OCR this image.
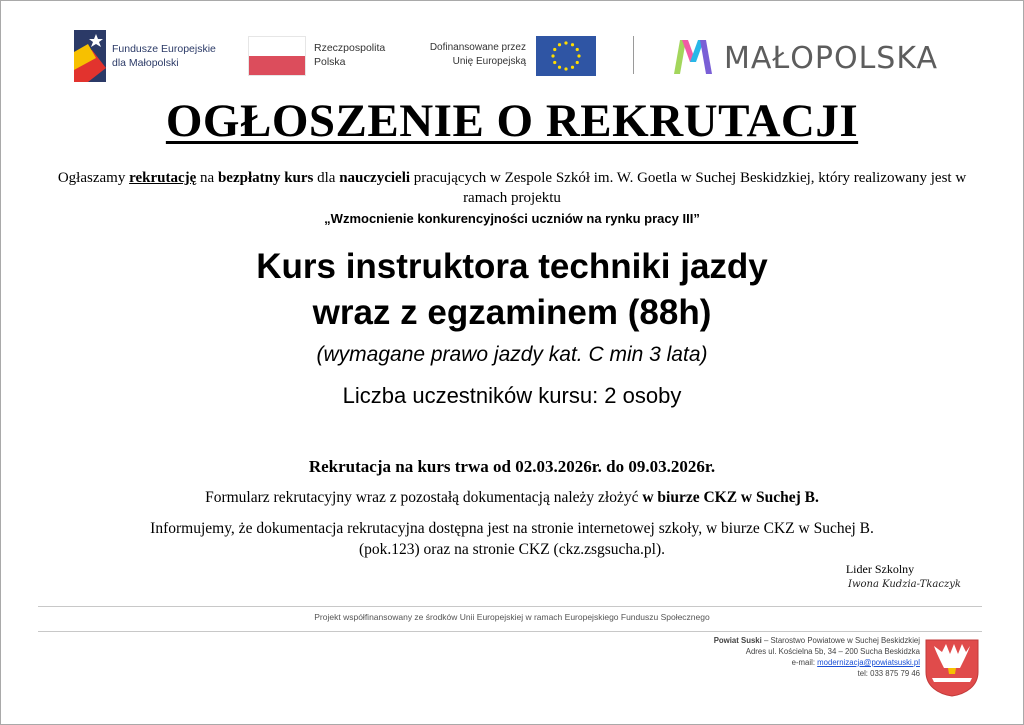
Fundusze Europejskie
dla Małopolski
Rzeczpospolita
Polska
Dofinansowane przez
Unię Europejską	MAŁOPOLSKA
OGŁOSZENIE O REKRUTACJI
Ogłaszamy rekrutację na bezpłatny kurs dla nauczycieli pracujących w Zespole Szkół im. W. Goetla w Suchej Beskidzkiej, który realizowany jest w ramach projektu
„Wzmocnienie konkurencyjności uczniów na rynku pracy III”
Kurs instruktora techniki jazdy
wraz z egzaminem (88h)
(wymagane prawo jazdy kat. C min 3 lata)
Liczba uczestników kursu: 2 osoby
Rekrutacja na kurs trwa od 02.03.2026r. do 09.03.2026r.
Formularz rekrutacyjny wraz z pozostałą dokumentacją należy złożyć w biurze CKZ w Suchej B.
Informujemy, że dokumentacja rekrutacyjna dostępna jest na stronie internetowej szkoły, w biurze CKZ w Suchej B.
(pok.123) oraz na stronie CKZ (ckz.zsgsucha.pl).
Lider Szkolny
Iwona Kudzia-Tkaczyk
Projekt współfinansowany ze środków Unii Europejskiej w ramach Europejskiego Funduszu Społecznego
Powiat Suski – Starostwo Powiatowe w Suchej Beskidzkiej
Adres ul. Kościelna 5b, 34 – 200 Sucha Beskidzka
e-mail: modernizacja@powiatsuski.pl
tel: 033 875 79 46
